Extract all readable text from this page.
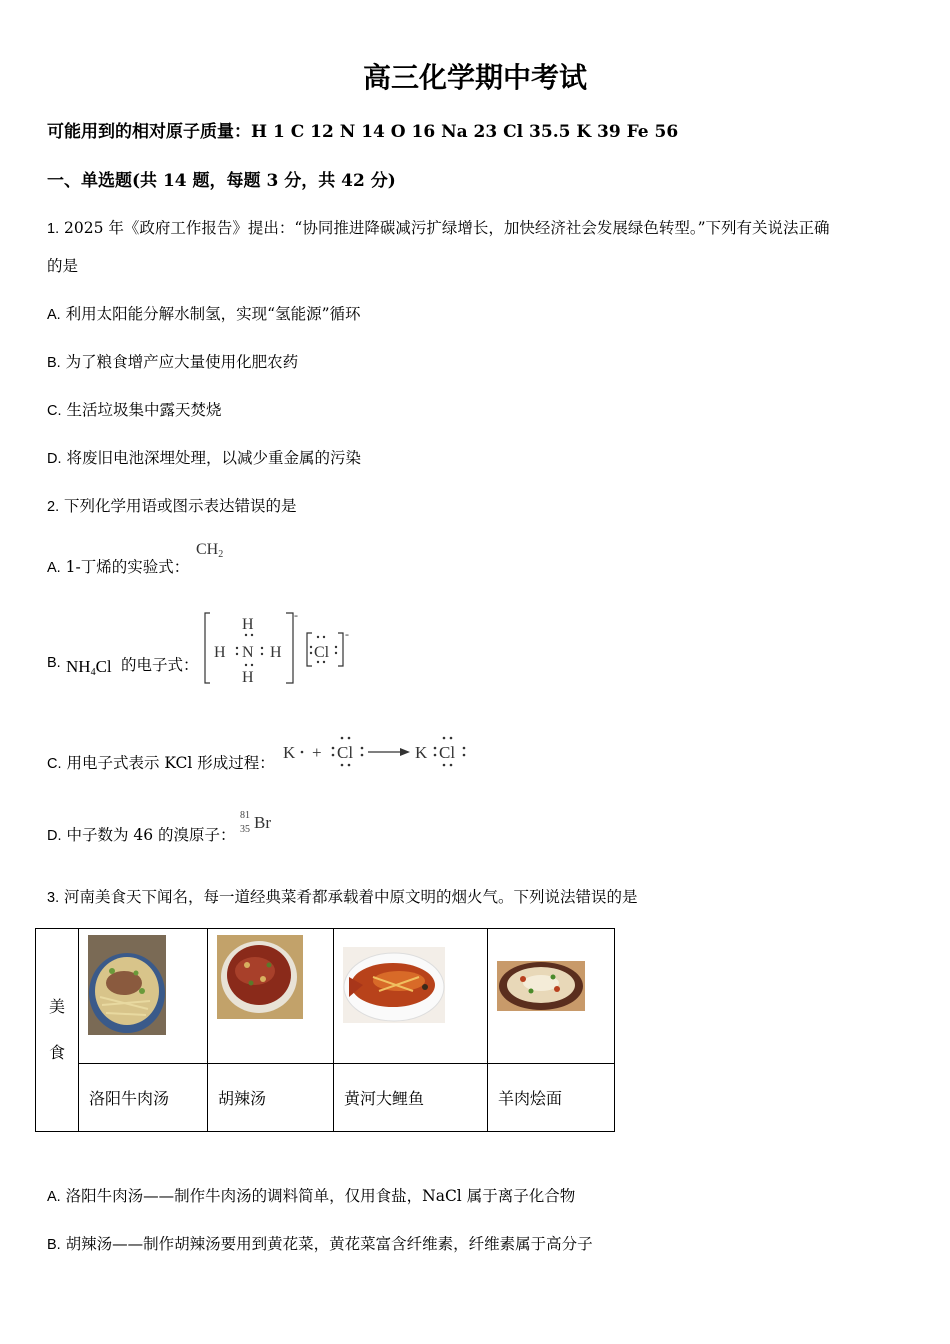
高三化学期中考试
可能用到的相对原子质量：H 1 C 12 N 14 O 16 Na 23 Cl 35.5 K 39 Fe 56
一、单选题(共 14 题，每题 3 分，共 42 分)
1. 2025 年《政府工作报告》提出：“协同推进降碳减污扩绿增长，加快经济社会发展绿色转型。”下列有关说法正确
的是
A. 利用太阳能分解水制氢，实现“氢能源”循环
B. 为了粮食增产应大量使用化肥农药
C. 生活垃圾集中露天焚烧
D. 将废旧电池深埋处理，以减少重金属的污染
2. 下列化学用语或图示表达错误的是
A. 1-丁烯的实验式：
$CH_2$
B. $NH_4Cl$ 的电子式：
H
H N H
H
Cl
-
-
C. 用电子式表示 KCl 形成过程：
K + Cl	K Cl
D. 中子数为 46 的溴原子：
81
35 Br
3. 河南美食天下闻名，每一道经典菜肴都承载着中原文明的烟火气。下列说法错误的是
美
食

	洛阳牛肉汤	胡辣汤	黄河大鲤鱼	羊肉烩面
A. 洛阳牛肉汤——制作牛肉汤的调料简单，仅用食盐，NaCl 属于离子化合物
B. 胡辣汤——制作胡辣汤要用到黄花菜，黄花菜富含纤维素，纤维素属于高分子
